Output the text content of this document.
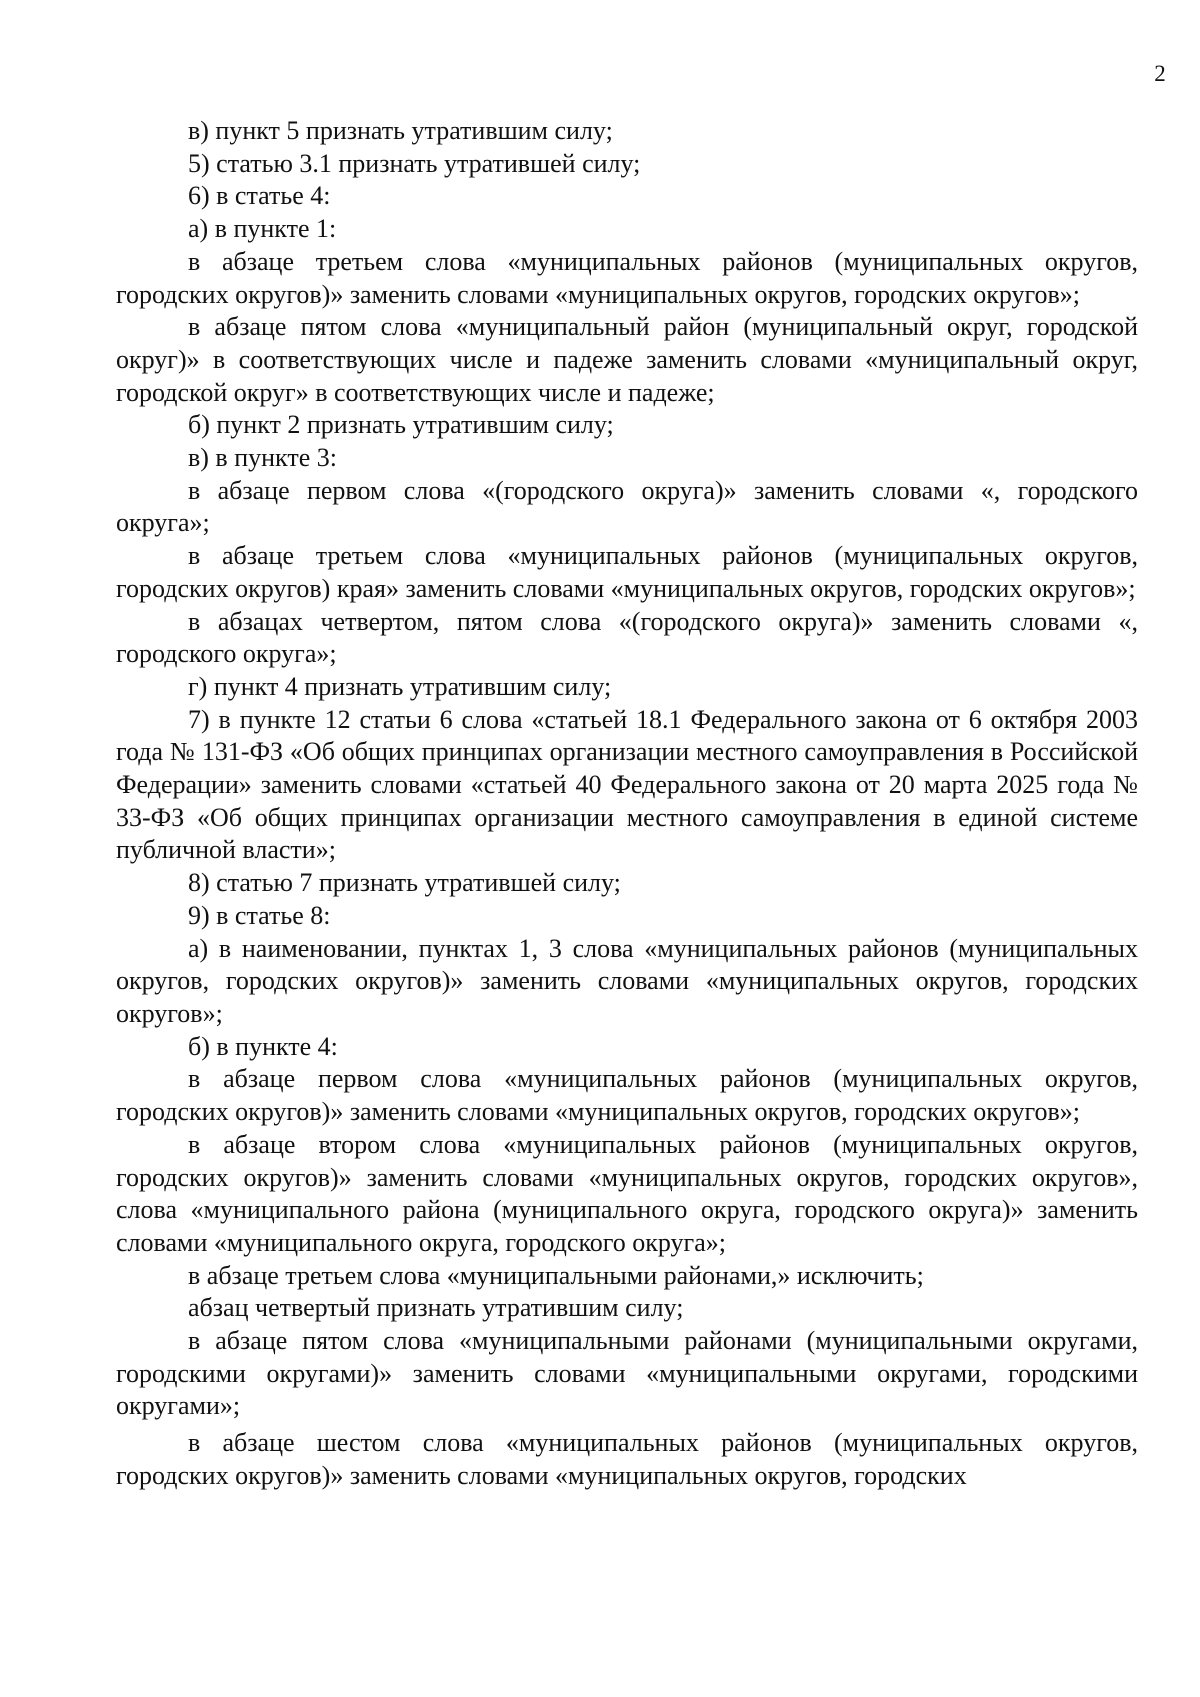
2

в) пункт 5 признать утратившим силу;

5) статью 3.1 признать утратившей силу;

6) в статье 4:

а) в пункте 1:

в абзаце третьем слова «муниципальных районов (муниципальных округов, городских округов)» заменить словами «муниципальных округов, городских округов»;

в абзаце пятом слова «муниципальный район (муниципальный округ, городской округ)» в соответствующих числе и падеже заменить словами «муниципальный округ, городской округ» в соответствующих числе и падеже;

б) пункт 2 признать утратившим силу;

в) в пункте 3:

в абзаце первом слова «(городского округа)» заменить словами «, городского округа»;

в абзаце третьем слова «муниципальных районов (муниципальных округов, городских округов) края» заменить словами «муниципальных округов, городских округов»;

в абзацах четвертом, пятом слова «(городского округа)» заменить словами «, городского округа»;

г) пункт 4 признать утратившим силу;

7) в пункте 12 статьи 6 слова «статьей 18.1 Федерального закона от 6 октября 2003 года № 131-ФЗ «Об общих принципах организации местного самоуправления в Российской Федерации» заменить словами «статьей 40 Федерального закона от 20 марта 2025 года № 33-ФЗ «Об общих принципах организации местного самоуправления в единой системе публичной власти»;

8) статью 7 признать утратившей силу;

9) в статье 8:

а) в наименовании, пунктах 1, 3 слова «муниципальных районов (муниципальных округов, городских округов)» заменить словами «муниципальных округов, городских округов»;

б) в пункте 4:

в абзаце первом слова «муниципальных районов (муниципальных округов, городских округов)» заменить словами «муниципальных округов, городских округов»;

в абзаце втором слова «муниципальных районов (муниципальных округов, городских округов)» заменить словами «муниципальных округов, городских округов», слова «муниципального района (муниципального округа, городского округа)» заменить словами «муниципального округа, городского округа»;

в абзаце третьем слова «муниципальными районами,» исключить;

абзац четвертый признать утратившим силу;

в абзаце пятом слова «муниципальными районами (муниципальными округами, городскими округами)» заменить словами «муниципальными округами, городскими округами»;

в абзаце шестом слова «муниципальных районов (муниципальных округов, городских округов)» заменить словами «муниципальных округов, городских
